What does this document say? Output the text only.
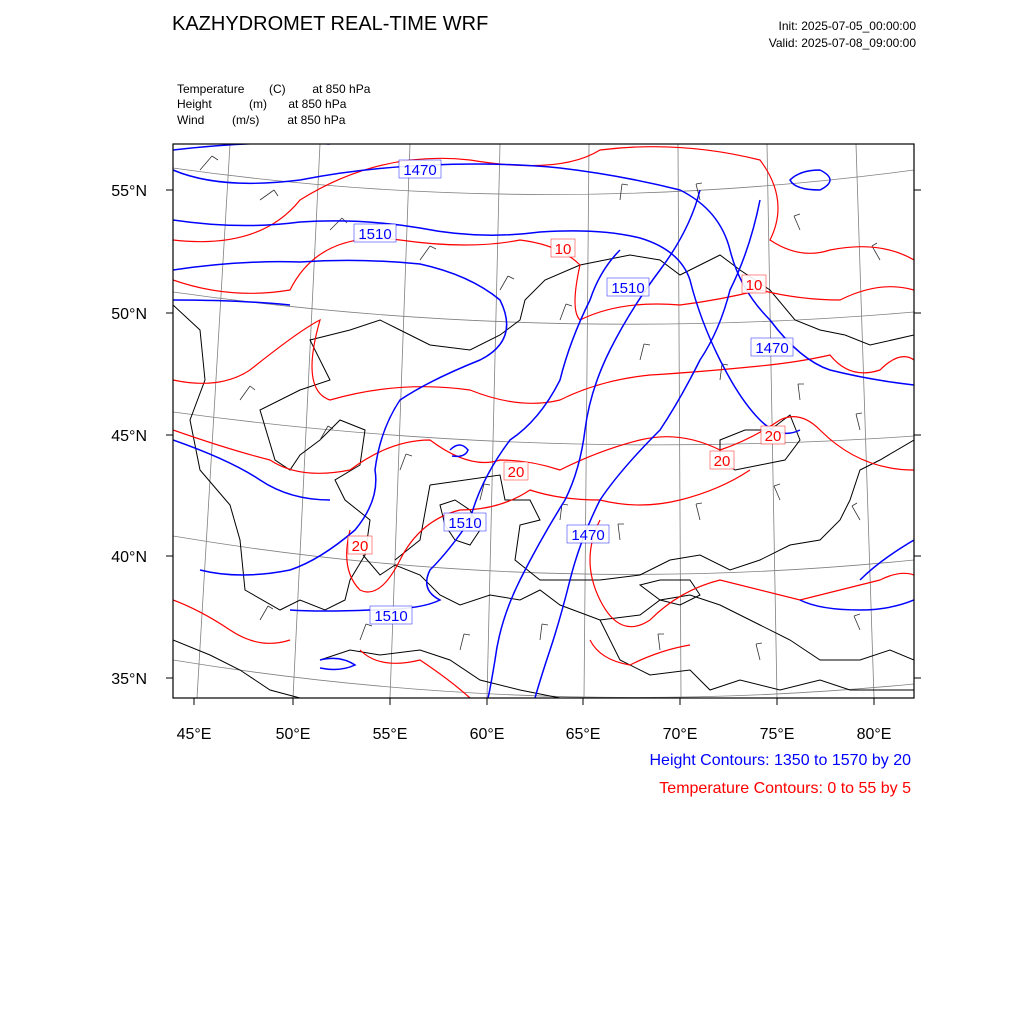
KAZHYDROMET REAL-TIME WRF	Init: 2025-07-05_00:00:00
Valid: 2025-07-08_09:00:00
Temperature (C) at 850 hPa
Height	(m) at 850 hPa
Wind (m/s) at 850 hPa
1470
1510
1510
1470
1510
1470
1510
10
10
20
20
20
20
55°N
50°N
45°N
40°N
35°N
45°E	50°E	55°E	60°E	65°E	70°E	75°E	80°E
Height Contours: 1350 to 1570 by 20
Temperature Contours: 0 to 55 by 5
